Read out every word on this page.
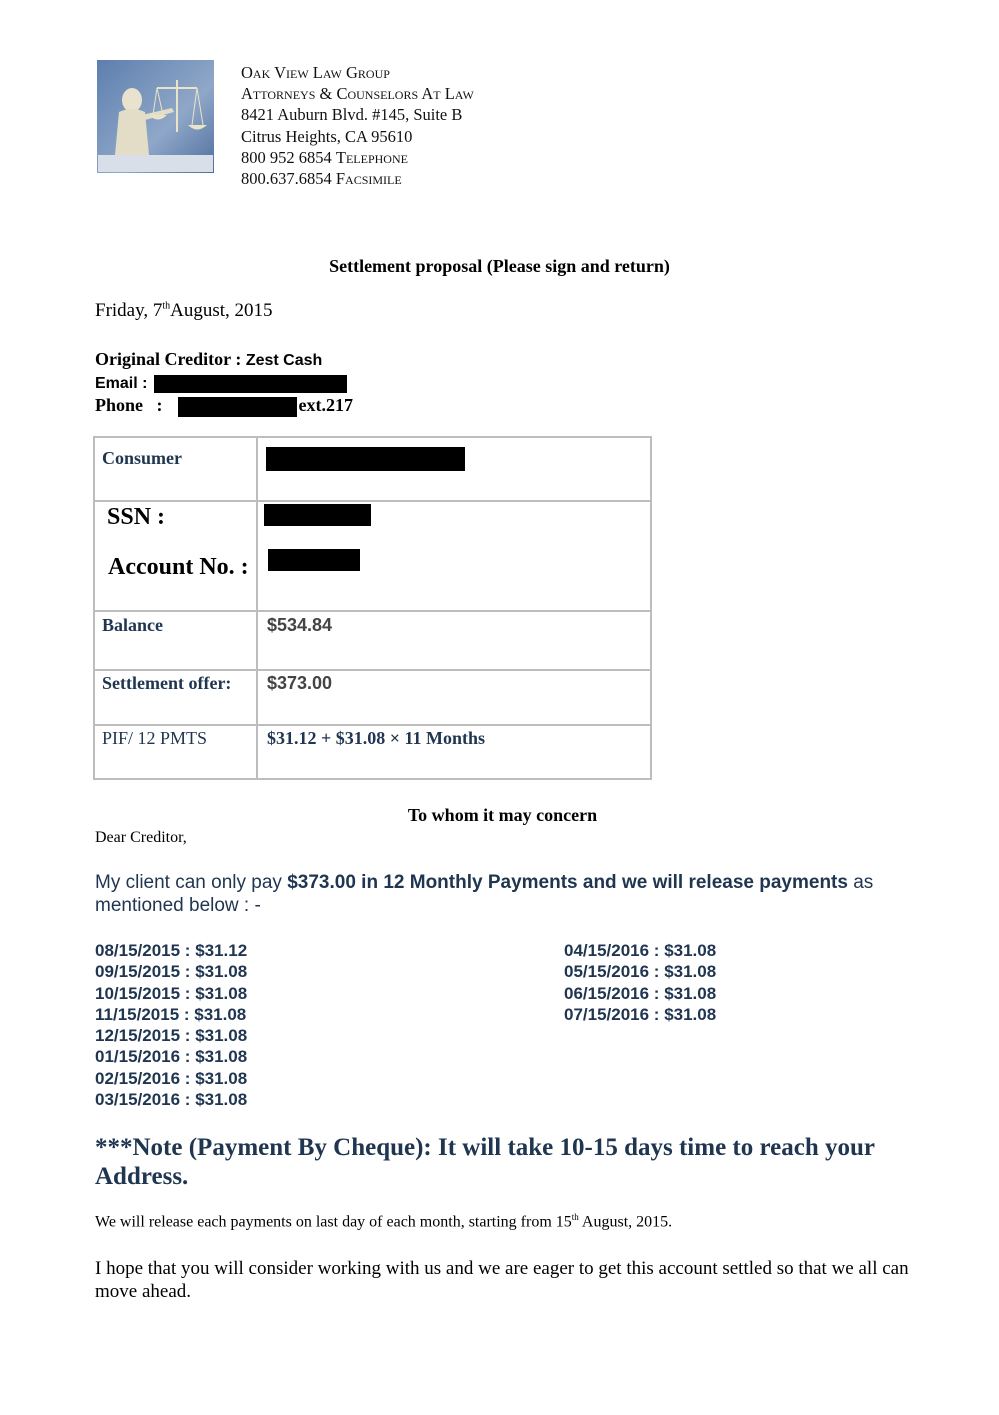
Oak View Law Group
Attorneys & Counselors At Law
8421 Auburn Blvd. #145, Suite B
Citrus Heights, CA 95610
800 952 6854 Telephone
800.637.6854 Facsimile
Settlement proposal (Please sign and return)
Friday, 7thAugust, 2015
Original Creditor : Zest Cash
Email :
Phone   :	ext.217
Consumer
SSN :
Account No. :
Balance	$534.84
Settlement offer: $373.00
PIF/ 12 PMTS	$31.12 + $31.08 × 11 Months
To whom it may concern
Dear Creditor,
My client can only pay $373.00 in 12 Monthly Payments and we will release payments as mentioned below : -
08/15/2015 : $31.12
09/15/2015 : $31.08
10/15/2015 : $31.08
11/15/2015 : $31.08
12/15/2015 : $31.08
01/15/2016 : $31.08
02/15/2016 : $31.08
03/15/2016 : $31.08
04/15/2016 : $31.08
05/15/2016 : $31.08
06/15/2016 : $31.08
07/15/2016 : $31.08
***Note (Payment By Cheque): It will take 10-15 days time to reach your Address.
We will release each payments on last day of each month, starting from 15th August, 2015.
I hope that you will consider working with us and we are eager to get this account settled so that we all can move ahead.
